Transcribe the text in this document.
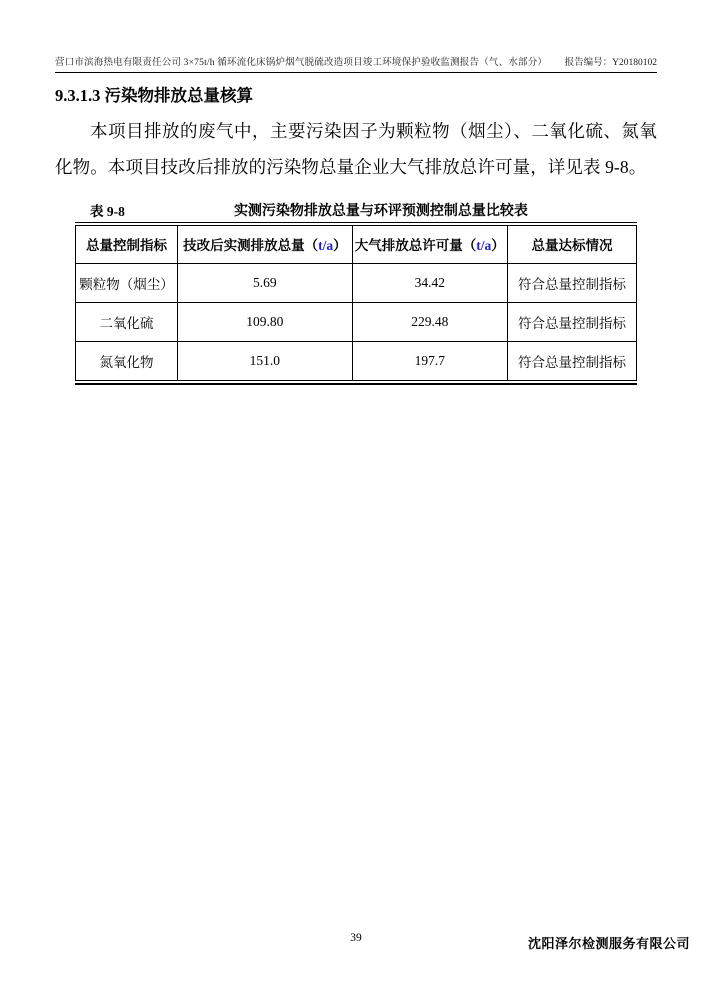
营口市滨海热电有限责任公司 3×75t/h 循环流化床锅炉烟气脱硫改造项目竣工环境保护验收监测报告（气、水部分） 报告编号：Y20180102
9.3.1.3 污染物排放总量核算
本项目排放的废气中，主要污染因子为颗粒物（烟尘）、二氧化硫、氮氧化物。本项目技改后排放的污染物总量企业大气排放总许可量，详见表 9-8。
表 9-8	实测污染物排放总量与环评预测控制总量比较表
总量控制指标	技改后实测排放总量（t/a）	大气排放总许可量（t/a）	总量达标情况
颗粒物（烟尘）	5.69	34.42	符合总量控制指标
二氧化硫	109.80	229.48	符合总量控制指标
氮氧化物	151.0	197.7	符合总量控制指标
39	沈阳泽尔检测服务有限公司
